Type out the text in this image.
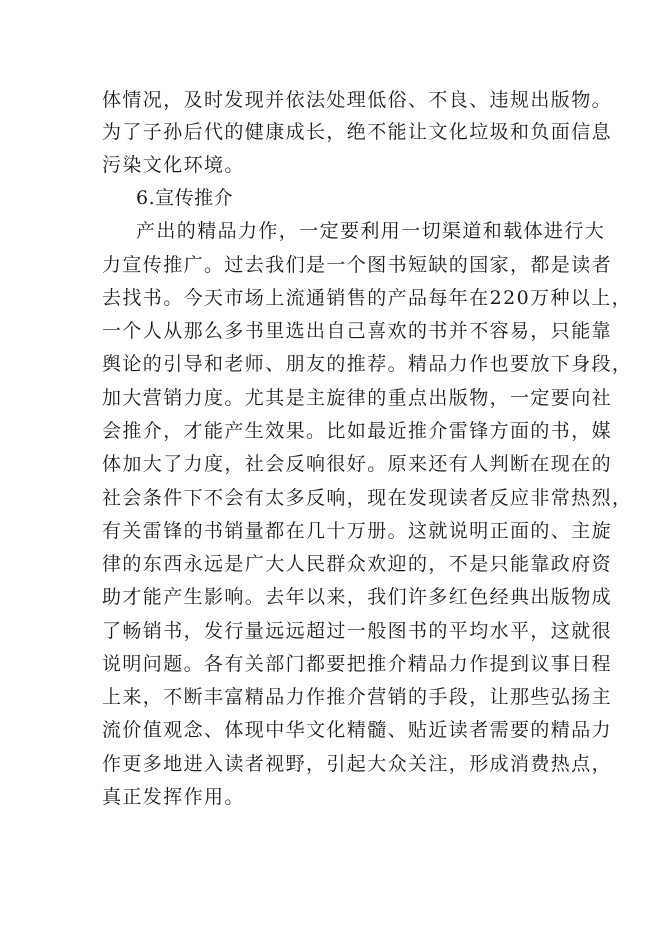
体情况，及时发现并依法处理低俗、不良、违规出版物。
为了子孙后代的健康成长，绝不能让文化垃圾和负面信息
污染文化环境。
6.宣传推介
产出的精品力作，一定要利用一切渠道和载体进行大
力宣传推广。过去我们是一个图书短缺的国家，都是读者
去找书。今天市场上流通销售的产品每年在220万种以上，
一个人从那么多书里选出自己喜欢的书并不容易，只能靠
舆论的引导和老师、朋友的推荐。精品力作也要放下身段，
加大营销力度。尤其是主旋律的重点出版物，一定要向社
会推介，才能产生效果。比如最近推介雷锋方面的书，媒
体加大了力度，社会反响很好。原来还有人判断在现在的
社会条件下不会有太多反响，现在发现读者反应非常热烈，
有关雷锋的书销量都在几十万册。这就说明正面的、主旋
律的东西永远是广大人民群众欢迎的，不是只能靠政府资
助才能产生影响。去年以来，我们许多红色经典出版物成
了畅销书，发行量远远超过一般图书的平均水平，这就很
说明问题。各有关部门都要把推介精品力作提到议事日程
上来，不断丰富精品力作推介营销的手段，让那些弘扬主
流价值观念、体现中华文化精髓、贴近读者需要的精品力
作更多地进入读者视野，引起大众关注，形成消费热点，
真正发挥作用。
